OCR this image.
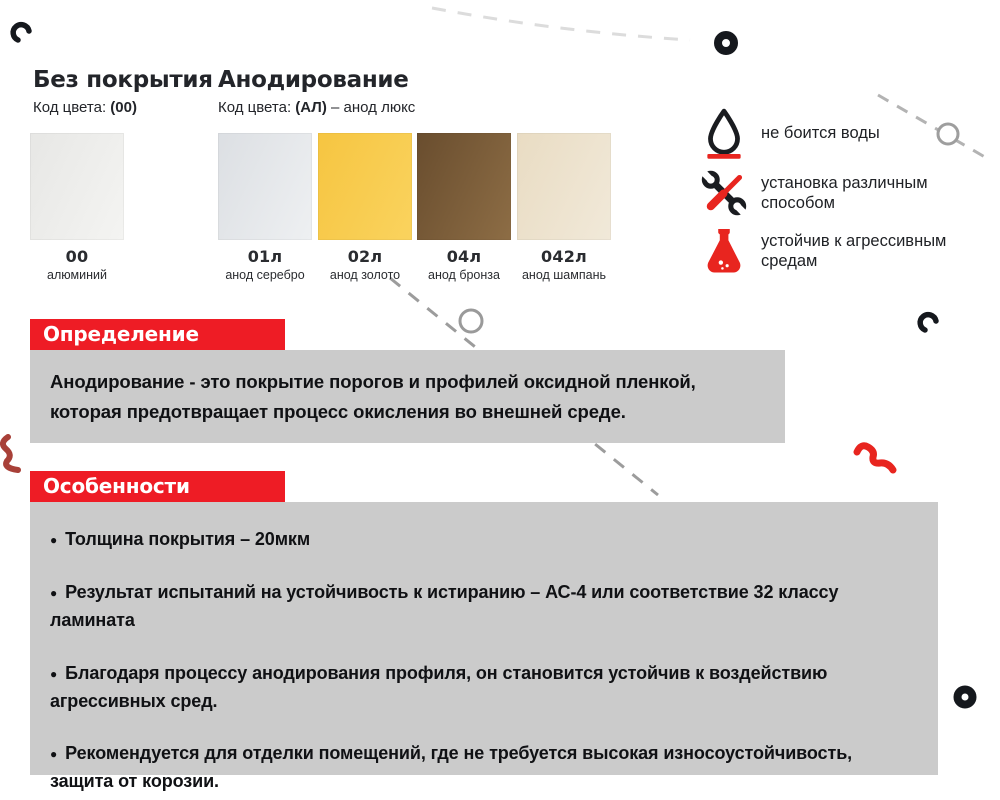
Без покрытия
Код цвета: (00)
Анодирование
Код цвета: (АЛ) – анод люкс
00
алюминий
01л
анод серебро
02л
анод золото
04л
анод бронза
042л
анод шампань
не боится воды
установка различным способом
устойчив к агрессивным средам
Определение
Анодирование - это покрытие порогов и профилей оксидной пленкой, которая предотвращает процесс окисления во внешней среде.
Особенности
● Толщина покрытия – 20мкм
● Результат испытаний на устойчивость к истиранию – АС-4 или соответствие 32 классу ламината
● Благодаря процессу анодирования профиля, он становится устойчив к воздействию агрессивных сред.
● Рекомендуется для отделки помещений, где не требуется высокая износоустойчивость, защита от корозии.
